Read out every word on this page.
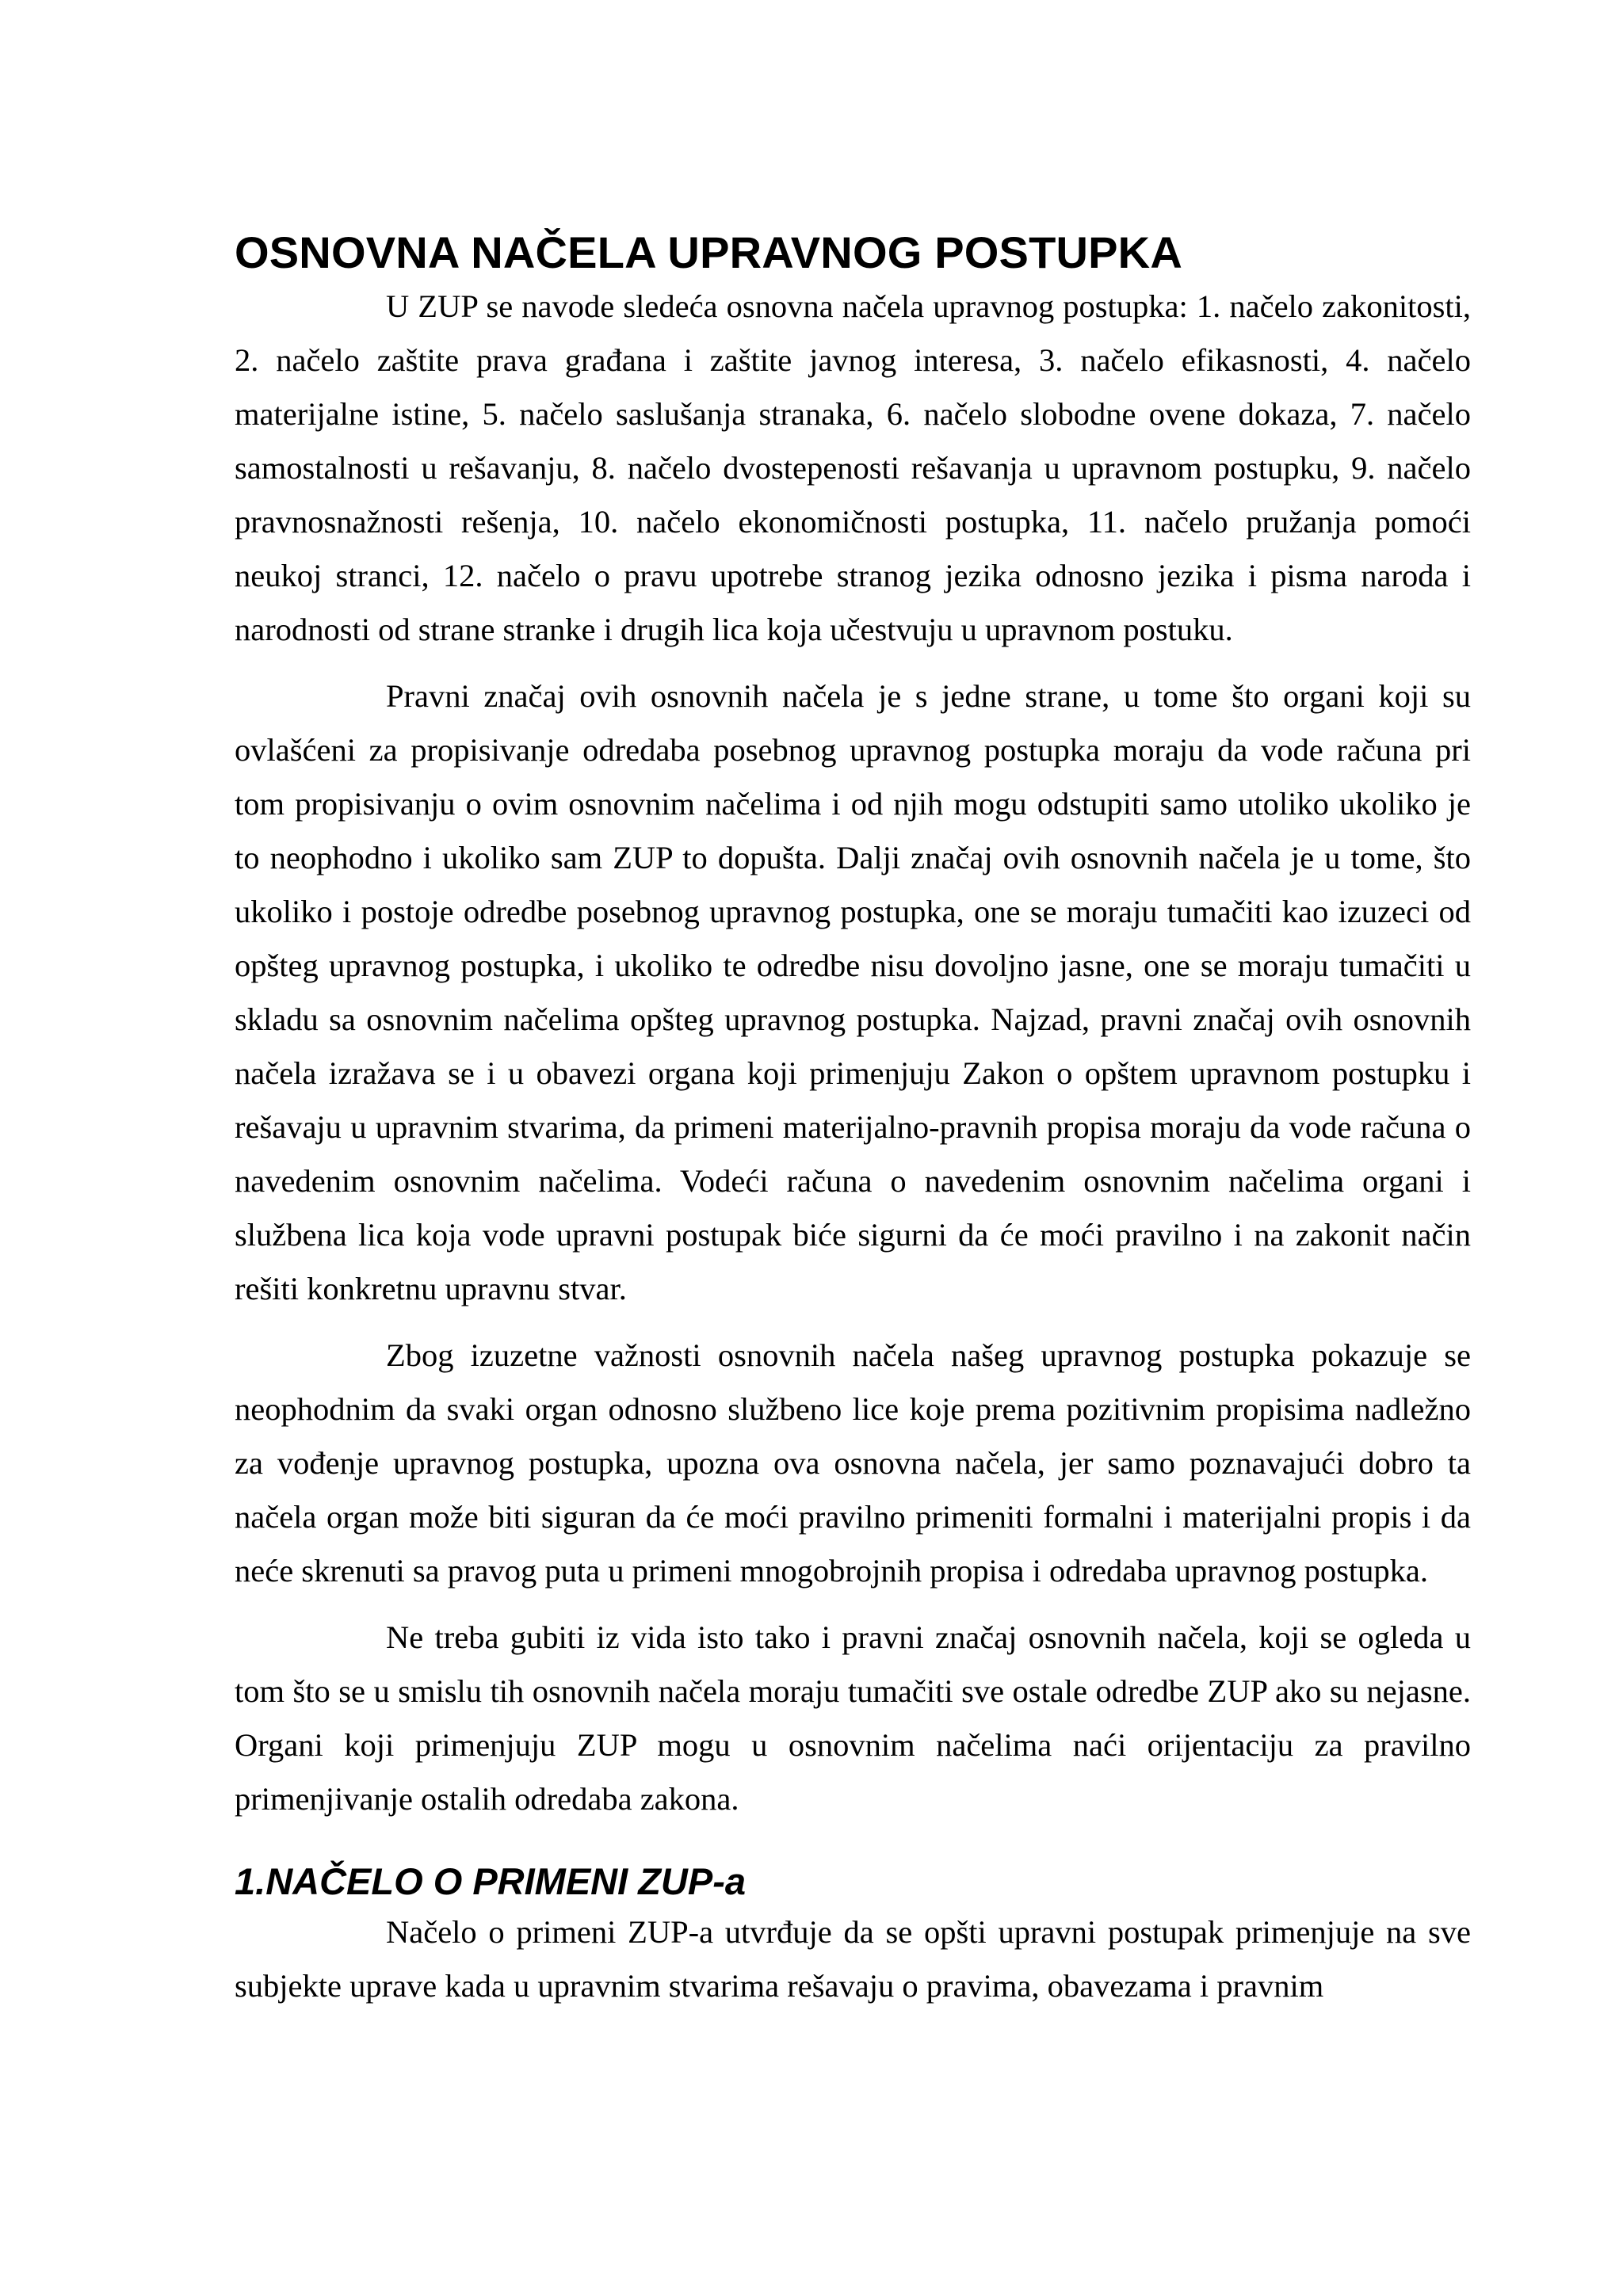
OSNOVNA NAČELA UPRAVNOG POSTUPKA

U ZUP se navode sledeća osnovna načela upravnog postupka: 1. načelo zakonitosti, 2. načelo zaštite prava građana i zaštite javnog interesa, 3. načelo efikasnosti, 4. načelo materijalne istine, 5. načelo saslušanja stranaka, 6. načelo slobodne ovene dokaza, 7. načelo samostalnosti u rešavanju, 8. načelo dvostepenosti rešavanja u upravnom postupku, 9. načelo pravnosnažnosti rešenja, 10. načelo ekonomičnosti postupka, 11. načelo pružanja pomoći neukoj stranci, 12. načelo o pravu upotrebe stranog jezika odnosno jezika i pisma naroda i narodnosti od strane stranke i drugih lica koja učestvuju u upravnom postuku.

Pravni značaj ovih osnovnih načela je s jedne strane, u tome što organi koji su ovlašćeni za propisivanje odredaba posebnog upravnog postupka moraju da vode računa pri tom propisivanju o ovim osnovnim načelima i od njih mogu odstupiti samo utoliko ukoliko je to neophodno i ukoliko sam ZUP to dopušta. Dalji značaj ovih osnovnih načela je u tome, što ukoliko i postoje odredbe posebnog upravnog postupka, one se moraju tumačiti kao izuzeci od opšteg upravnog postupka, i ukoliko te odredbe nisu dovoljno jasne, one se moraju tumačiti u skladu sa osnovnim načelima opšteg upravnog postupka. Najzad, pravni značaj ovih osnovnih načela izražava se i u obavezi organa koji primenjuju Zakon o opštem upravnom postupku i rešavaju u upravnim stvarima, da primeni materijalno-pravnih propisa moraju da vode računa o navedenim osnovnim načelima. Vodeći računa o navedenim osnovnim načelima organi i službena lica koja vode upravni postupak biće sigurni da će moći pravilno i na zakonit način rešiti konkretnu upravnu stvar.

Zbog izuzetne važnosti osnovnih načela našeg upravnog postupka pokazuje se neophodnim da svaki organ odnosno službeno lice koje prema pozitivnim propisima nadležno za vođenje upravnog postupka, upozna ova osnovna načela, jer samo poznavajući dobro ta načela organ može biti siguran da će moći pravilno primeniti formalni i materijalni propis i da neće skrenuti sa pravog puta u primeni mnogobrojnih propisa i odredaba upravnog postupka.

Ne treba gubiti iz vida isto tako i pravni značaj osnovnih načela, koji se ogleda u tom što se u smislu tih osnovnih načela moraju tumačiti sve ostale odredbe ZUP ako su nejasne. Organi koji primenjuju ZUP mogu u osnovnim načelima naći orijentaciju za pravilno primenjivanje ostalih odredaba zakona.

1.NAČELO O PRIMENI ZUP-a

Načelo o primeni ZUP-a utvrđuje da se opšti upravni postupak primenjuje na sve subjekte uprave kada u upravnim stvarima rešavaju o pravima, obavezama i pravnim
